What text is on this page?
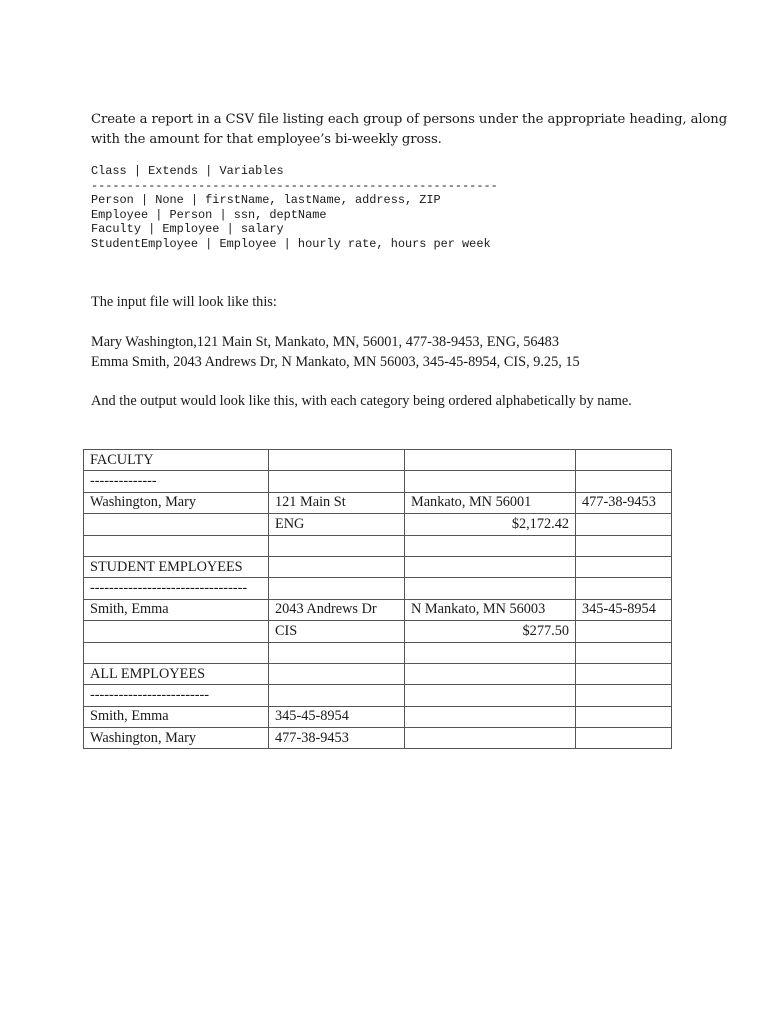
Create a report in a CSV file listing each group of persons under the appropriate heading, along
with the amount for that employee’s bi-weekly gross.
Class | Extends | Variables
---------------------------------------------------------
Person | None | firstName, lastName, address, ZIP
Employee | Person | ssn, deptName
Faculty | Employee | salary
StudentEmployee | Employee | hourly rate, hours per week

The input file will look like this:

Mary Washington,121 Main St, Mankato, MN, 56001, 477-38-9453, ENG, 56483
Emma Smith, 2043 Andrews Dr, N Mankato, MN 56003, 345-45-8954, CIS, 9.25, 15

And the output would look like this, with each category being ordered alphabetically by name.

FACULTY			
--------------			
Washington, Mary	121 Main St	Mankato, MN 56001	477-38-9453
	ENG	$2,172.42	

STUDENT EMPLOYEES			
---------------------------------			
Smith, Emma	2043 Andrews Dr	N Mankato, MN 56003	345-45-8954
	CIS	$277.50	

ALL EMPLOYEES			
-------------------------			
Smith, Emma	345-45-8954		
Washington, Mary	477-38-9453		
